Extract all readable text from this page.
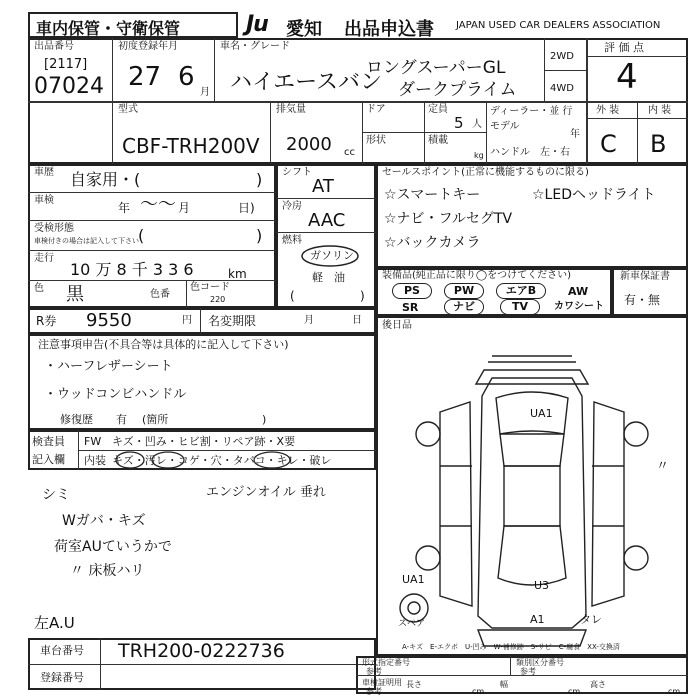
車内保管・守衛保管	Ju 愛知 出品申込書 JAPAN USED CAR DEALERS ASSOCIATION
出品番号
[2117]
07024
初度登録年月
27 6
月
車名・グレード
ハイエースバン
ロングスーパーGL
ダークプライム
2WD
4WD
評 価 点
4
型式
CBF-TRH200V
排気量
2000 cc
ドア
形状
定員
5 人
積載
kg
ディーラー・並 行
モデル
年
ハンドル 左・右
外 装	内 装
C B
車歴 自家用・(	)
車検
年 〜〜 月	日)
受検形態
車検付きの場合は記入して下さい (	)
走行
10 万 8 千 3 3 6	km
色 黒	色番
色コード
220
シフト
AT
冷房
AAC
燃料
ガソリン
軽　油
(	)
セールスポイント(正常に機能するものに限る)
☆スマートキー	☆LEDヘッドライト
☆ナビ・フルセグTV
☆バックカメラ
装備品(純正品に限り◯をつけてください)
PS	PW	エアB	AW
SR	ナビ	TV	カワシート
新車保証書
有・無
R券 9550	円 名変期限	月	日 後日品
注意事項申告(不具合等は具体的に記入して下さい)
・ハーフレザーシート
・ウッドコンビハンドル
修復歴 有 (箇所	)
検査員
記入欄
FW キズ・凹み・ヒビ割・リペア跡・X要
内装 キズ・汚レ・コゲ・穴・タバコ・キレ・破レ
シミ
Wガバ・キズ
荷室AUていうかで
〃 床板ハリ
エンジンオイル 垂れ
左A.U
UA1
〃
UA1	U3
A1	タレ
スペア
A-キズ　E-エクボ　U-凹み　W-補修跡　S-サビ　C-腐食　XX-交換済
車台番号 TRH200-0222736
登録番号
形式指定番号
参考
類別区分番号
参考
車検証明用
参考
長さ
cm
幅
cm
高さ
cm
